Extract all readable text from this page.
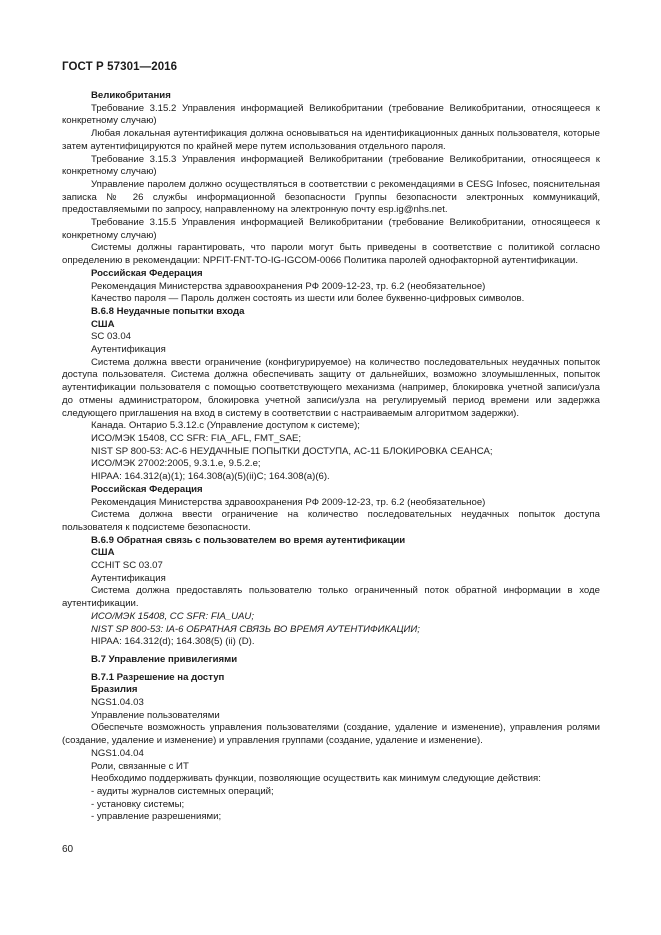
ГОСТ Р 57301—2016

Великобритания

Требование 3.15.2 Управления информацией Великобритании (требование Великобритании, относящееся к конкретному случаю)

Любая локальная аутентификация должна основываться на идентификационных данных пользователя, которые затем аутентифицируются по крайней мере путем использования отдельного пароля.

Требование 3.15.3 Управления информацией Великобритании (требование Великобритании, относящееся к конкретному случаю)

Управление паролем должно осуществляться в соответствии с рекомендациями в CESG Infosec, пояснительная записка № 26 службы информационной безопасности Группы безопасности электронных коммуникаций, предоставляемыми по запросу, направленному на электронную почту esp.ig@nhs.net.

Требование 3.15.5 Управления информацией Великобритании (требование Великобритании, относящееся к конкретному случаю)

Системы должны гарантировать, что пароли могут быть приведены в соответствие с политикой согласно определению в рекомендации: NPFIT-FNT-TO-IG-IGCOM-0066 Политика паролей однофакторной аутентификации.

Российская Федерация

Рекомендация Министерства здравоохранения РФ 2009-12-23, тр. 6.2 (необязательное)

Качество пароля — Пароль должен состоять из шести или более буквенно-цифровых символов.

В.6.8 Неудачные попытки входа

США

SC 03.04

Аутентификация

Система должна ввести ограничение (конфигурируемое) на количество последовательных неудачных попыток доступа пользователя. Система должна обеспечивать защиту от дальнейших, возможно злоумышленных, попыток аутентификации пользователя с помощью соответствующего механизма (например, блокировка учетной записи/узла до отмены администратором, блокировка учетной записи/узла на регулируемый период времени или задержка следующего приглашения на вход в систему в соответствии с настраиваемым алгоритмом задержки).

Канада. Онтарио 5.3.12.с (Управление доступом к системе);

ИСО/МЭК 15408, CC SFR: FIA_AFL, FMT_SAE;

NIST SP 800-53: AC-6 НЕУДАЧНЫЕ ПОПЫТКИ ДОСТУПА, AC-11 БЛОКИРОВКА СЕАНСА;

ИСО/МЭК 27002:2005, 9.3.1.e, 9.5.2.e;

HIPAA: 164.312(a)(1); 164.308(a)(5)(ii)C; 164.308(a)(6).

Российская Федерация

Рекомендация Министерства здравоохранения РФ 2009-12-23, тр. 6.2 (необязательное)

Система должна ввести ограничение на количество последовательных неудачных попыток доступа пользователя к подсистеме безопасности.

В.6.9 Обратная связь с пользователем во время аутентификации

США

CCHIT SC 03.07

Аутентификация

Система должна предоставлять пользователю только ограниченный поток обратной информации в ходе аутентификации.

ИСО/МЭК 15408, CC SFR: FIA_UAU;

NIST SP 800-53: IA-6 ОБРАТНАЯ СВЯЗЬ ВО ВРЕМЯ АУТЕНТИФИКАЦИИ;

HIPAA: 164.312(d); 164.308(5) (ii) (D).

В.7 Управление привилегиями

В.7.1 Разрешение на доступ

Бразилия

NGS1.04.03

Управление пользователями

Обеспечьте возможность управления пользователями (создание, удаление и изменение), управления ролями (создание, удаление и изменение) и управления группами (создание, удаление и изменение).

NGS1.04.04

Роли, связанные с ИТ

Необходимо поддерживать функции, позволяющие осуществить как минимум следующие действия:

- аудиты журналов системных операций;

- установку системы;

- управление разрешениями;

60
